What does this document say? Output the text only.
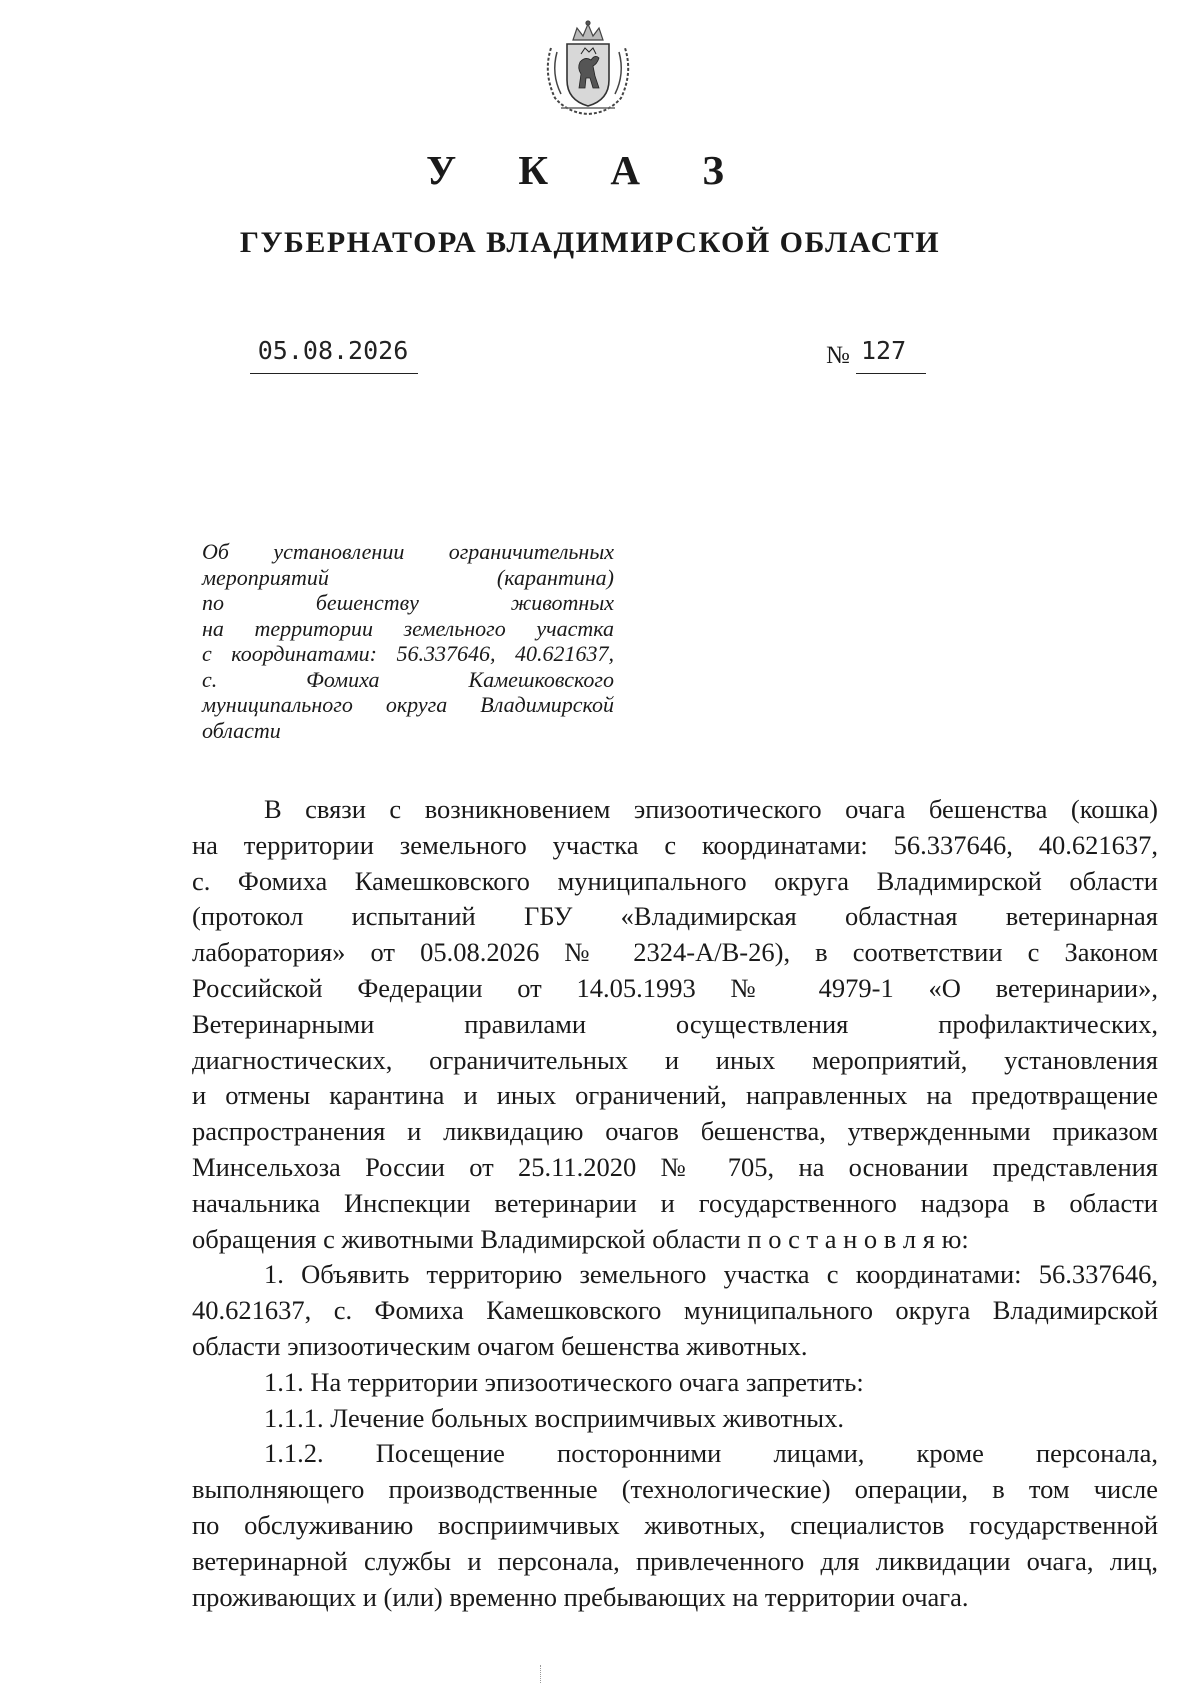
У К А З
ГУБЕРНАТОРА ВЛАДИМИРСКОЙ ОБЛАСТИ
05.08.2026	№ 127
Об установлении ограничительных
мероприятий (карантина)
по бешенству животных
на территории земельного участка
с координатами: 56.337646, 40.621637,
с. Фомиха Камешковского
муниципального округа Владимирской
области
В связи с возникновением эпизоотического очага бешенства (кошка)
на территории земельного участка с координатами: 56.337646, 40.621637,
с. Фомиха Камешковского муниципального округа Владимирской области
(протокол испытаний ГБУ «Владимирская областная ветеринарная
лаборатория» от 05.08.2026 № 2324-А/В-26), в соответствии с Законом
Российской Федерации от 14.05.1993 № 4979-1 «О ветеринарии»,
Ветеринарными правилами осуществления профилактических,
диагностических, ограничительных и иных мероприятий, установления
и отмены карантина и иных ограничений, направленных на предотвращение
распространения и ликвидацию очагов бешенства, утвержденными приказом
Минсельхоза России от 25.11.2020 № 705, на основании представления
начальника Инспекции ветеринарии и государственного надзора в области
обращения с животными Владимирской области п о с т а н о в л я ю:
1. Объявить территорию земельного участка с координатами: 56.337646,
40.621637, с. Фомиха Камешковского муниципального округа Владимирской
области эпизоотическим очагом бешенства животных.
1.1. На территории эпизоотического очага запретить:
1.1.1. Лечение больных восприимчивых животных.
1.1.2. Посещение посторонними лицами, кроме персонала,
выполняющего производственные (технологические) операции, в том числе
по обслуживанию восприимчивых животных, специалистов государственной
ветеринарной службы и персонала, привлеченного для ликвидации очага, лиц,
проживающих и (или) временно пребывающих на территории очага.
